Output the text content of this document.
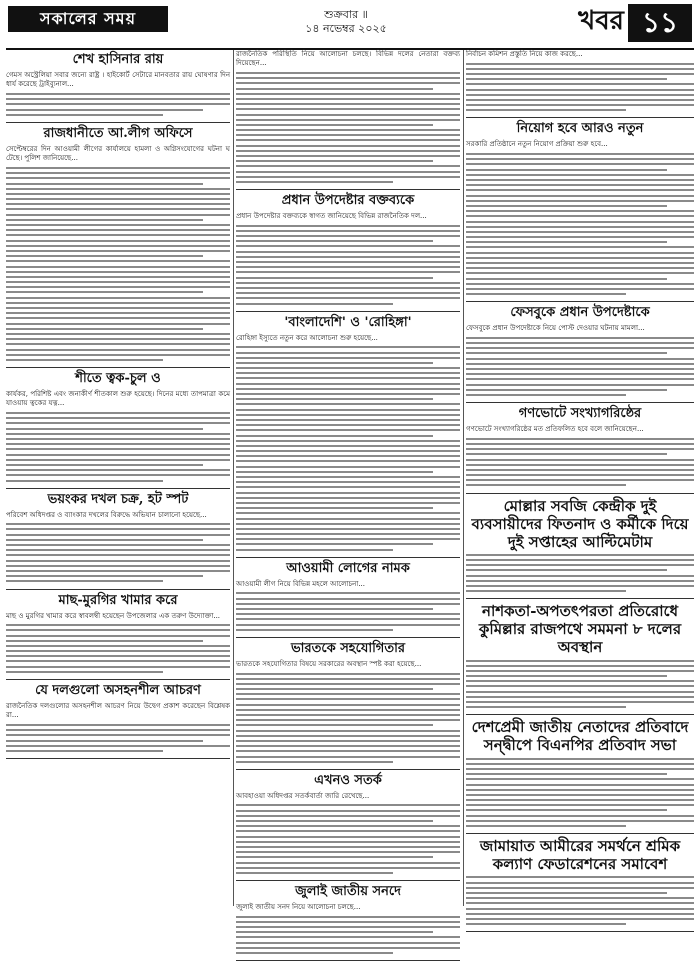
সকালের সময়	শুক্রবার ॥
১৪ নভেম্বর ২০২৫	খবর ১১
শেখ হাসিনার রায়

গেমস অস্ট্রেলিয়া সবার জন্যে রাষ্ট্র । হাইকোর্ট সেটারে মানবতার রায় ঘোষণার দিন ধার্য করেছে ট্রাইব্যুনাল...

রাজধানীতে আ.লীগ অফিসে

সেপ্টেম্বরের দিন আওয়ামী লীগের কার্যালয়ে হামলা ও অগ্নিসংযোগের ঘটনা ঘটেছে। পুলিশ জানিয়েছে...

শীতে ত্বক-চুল ও

কার্যকর, পরিশিষ্ট এবং জনাকীর্ণ শীতকাল শুরু হয়েছে। দিনের মধ্যে তাপমাত্রা কমে যাওয়ায় ত্বকের যত্ন...

ভয়ংকর দখল চক্র, হট স্পট

পরিবেশ অধিদপ্তর ও ব্যাংকার দখলের বিরুদ্ধে অভিযান চালানো হয়েছে...

মাছ-মুরগির খামার করে

মাছ ও মুরগির খামার করে স্বাবলম্বী হয়েছেন উপজেলার এক তরুণ উদ্যোক্তা...

যে দলগুলো অসহনশীল আচরণ

রাজনৈতিক দলগুলোর অসহনশীল আচরণ নিয়ে উদ্বেগ প্রকাশ করেছেন বিশ্লেষকরা...

রাজনৈতিক পরিস্থিতি নিয়ে আলোচনা চলছে। বিভিন্ন দলের নেতারা বক্তব্য দিয়েছেন...

প্রধান উপদেষ্টার বক্তব্যকে

প্রধান উপদেষ্টার বক্তব্যকে স্বাগত জানিয়েছে বিভিন্ন রাজনৈতিক দল...

'বাংলাদেশি' ও 'রোহিঙ্গা'

রোহিঙ্গা ইস্যুতে নতুন করে আলোচনা শুরু হয়েছে...

আওয়ামী লোগের নামক

আওয়ামী লীগ নিয়ে বিভিন্ন মহলে আলোচনা...

ভারতকে সহযোগিতার

ভারতকে সহযোগিতার বিষয়ে সরকারের অবস্থান স্পষ্ট করা হয়েছে...

এখনও সতর্ক

আবহাওয়া অধিদপ্তর সতর্কবার্তা জারি রেখেছে...

জুলাই জাতীয় সনদে

জুলাই জাতীয় সনদ নিয়ে আলোচনা চলছে...

নির্বাচন কমিশন প্রস্তুতি নিয়ে কাজ করছে...

নিয়োগ হবে আরও নতুন

সরকারি প্রতিষ্ঠানে নতুন নিয়োগ প্রক্রিয়া শুরু হবে...

ফেসবুকে প্রধান উপদেষ্টাকে

ফেসবুকে প্রধান উপদেষ্টাকে নিয়ে পোস্ট দেওয়ার ঘটনায় মামলা...

গণভোটে সংখ্যাগরিষ্ঠের

গণভোটে সংখ্যাগরিষ্ঠের মত প্রতিফলিত হবে বলে জানিয়েছেন...

মোল্লার সবজি কেন্দ্রীক দুই ব্যবসায়ীদের ফিতনাদ ও কর্মীকে দিয়ে দুই সপ্তাহের আল্টিমেটাম
নাশকতা-অপতৎপরতা প্রতিরোধে কুমিল্লার রাজপথে সমমনা ৮ দলের অবস্থান
দেশপ্রেমী জাতীয় নেতাদের প্রতিবাদে সন্দ্বীপে বিএনপির প্রতিবাদ সভা
জামায়াত আমীরের সমর্থনে শ্রমিক কল্যাণ ফেডারেশনের সমাবেশ
